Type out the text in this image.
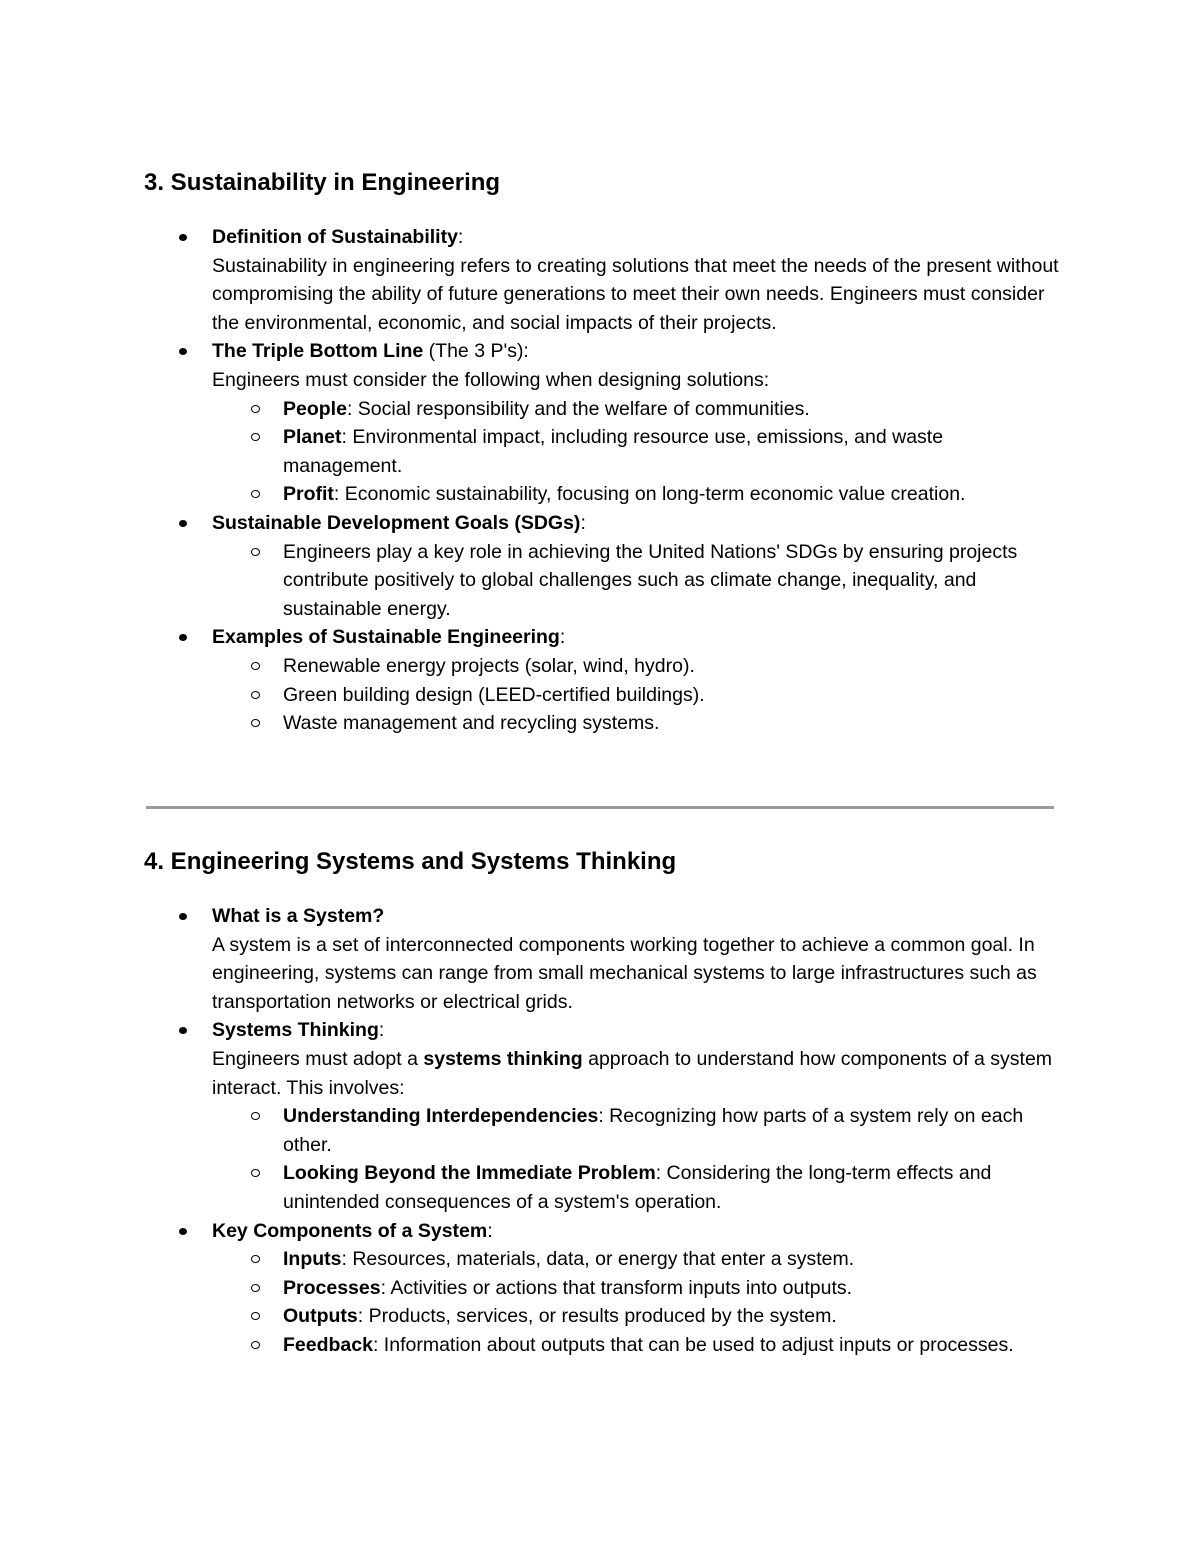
3. Sustainability in Engineering
Definition of Sustainability:
Sustainability in engineering refers to creating solutions that meet the needs of the present without compromising the ability of future generations to meet their own needs. Engineers must consider the environmental, economic, and social impacts of their projects.
The Triple Bottom Line (The 3 P's):
Engineers must consider the following when designing solutions:
People: Social responsibility and the welfare of communities.
Planet: Environmental impact, including resource use, emissions, and waste management.
Profit: Economic sustainability, focusing on long-term economic value creation.
Sustainable Development Goals (SDGs):
Engineers play a key role in achieving the United Nations' SDGs by ensuring projects contribute positively to global challenges such as climate change, inequality, and sustainable energy.
Examples of Sustainable Engineering:
Renewable energy projects (solar, wind, hydro).
Green building design (LEED-certified buildings).
Waste management and recycling systems.
4. Engineering Systems and Systems Thinking
What is a System?
A system is a set of interconnected components working together to achieve a common goal. In engineering, systems can range from small mechanical systems to large infrastructures such as transportation networks or electrical grids.
Systems Thinking:
Engineers must adopt a systems thinking approach to understand how components of a system interact. This involves:
Understanding Interdependencies: Recognizing how parts of a system rely on each other.
Looking Beyond the Immediate Problem: Considering the long-term effects and unintended consequences of a system's operation.
Key Components of a System:
Inputs: Resources, materials, data, or energy that enter a system.
Processes: Activities or actions that transform inputs into outputs.
Outputs: Products, services, or results produced by the system.
Feedback: Information about outputs that can be used to adjust inputs or processes.
